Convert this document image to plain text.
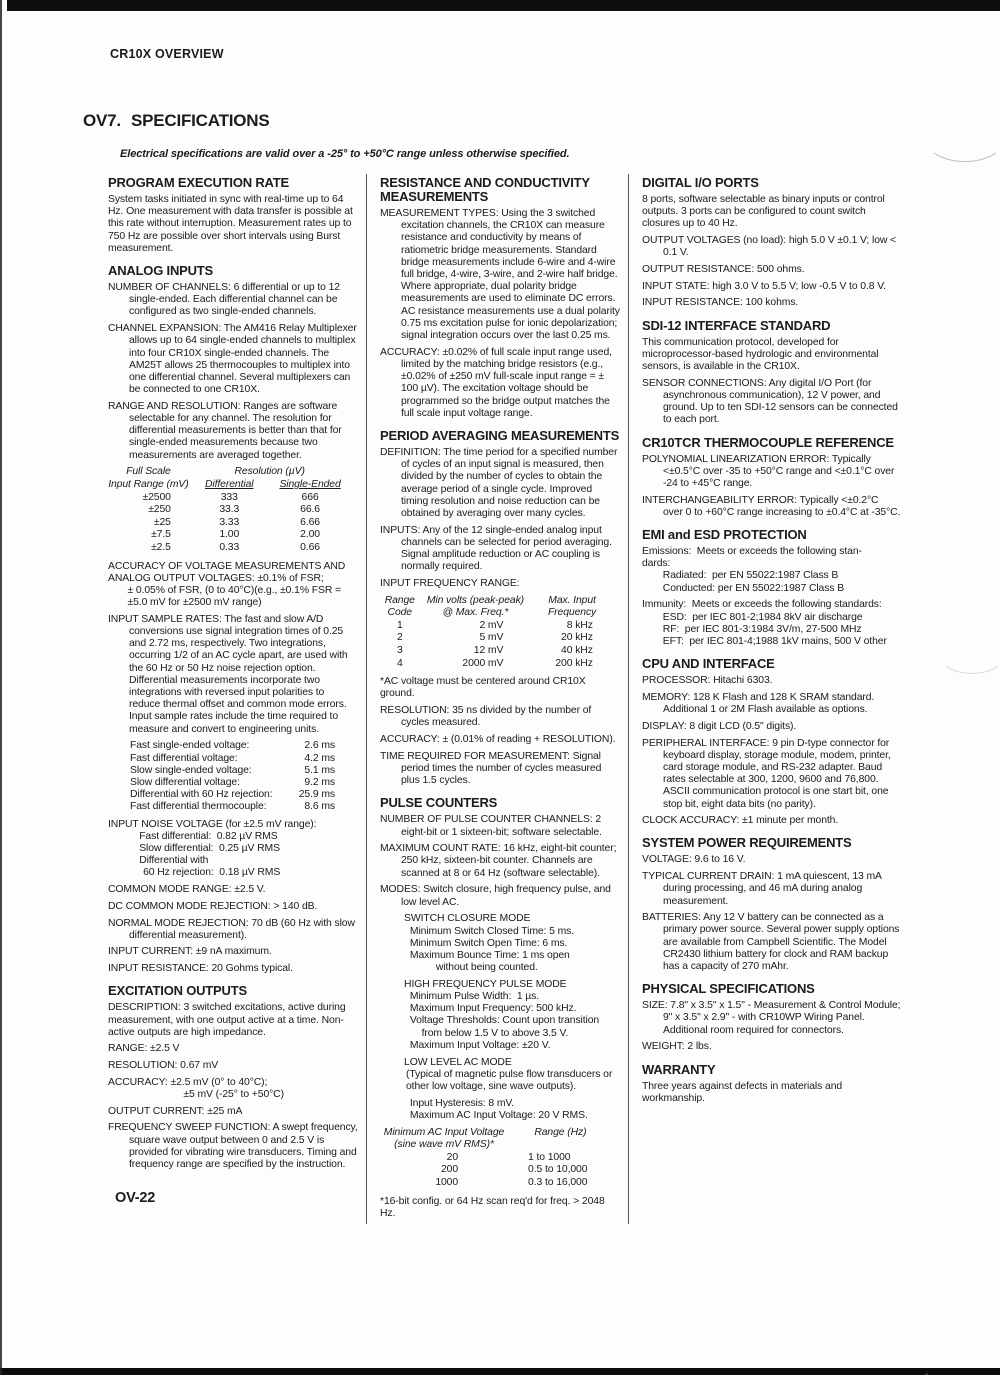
CR10X OVERVIEW
OV7. SPECIFICATIONS
Electrical specifications are valid over a -25° to +50°C range unless otherwise specified.
PROGRAM EXECUTION RATE

System tasks initiated in sync with real-time up to 64 Hz. One measurement with data transfer is possible at this rate without interruption. Measurement rates up to 750 Hz are possible over short intervals using Burst measurement.

ANALOG INPUTS

NUMBER OF CHANNELS: 6 differential or up to 12 single-ended. Each differential channel can be configured as two single-ended channels.

CHANNEL EXPANSION: The AM416 Relay Multiplexer allows up to 64 single-ended channels to multiplex into four CR10X single-ended channels. The AM25T allows 25 thermocouples to multiplex into one differential channel. Several multiplexers can be connected to one CR10X.

RANGE AND RESOLUTION: Ranges are software selectable for any channel. The resolution for differential measurements is better than that for single-ended measurements because two measurements are averaged together.

Full Scale	Resolution (µV)	
Input Range (mV)	Differential	Single-Ended
±2500	333	666
±250	33.3	66.6
±25	3.33	6.66
±7.5	1.00	2.00
±2.5	0.33	0.66
ACCURACY OF VOLTAGE MEASUREMENTS AND
ANALOG OUTPUT VOLTAGES: ±0.1% of FSR;
± 0.05% of FSR, (0 to 40°C)(e.g., ±0.1% FSR =
±5.0 mV for ±2500 mV range)

INPUT SAMPLE RATES: The fast and slow A/D conversions use signal integration times of 0.25 and 2.72 ms, respectively. Two integrations, occurring 1/2 of an AC cycle apart, are used with the 60 Hz or 50 Hz noise rejection option. Differential measurements incorporate two integrations with reversed input polarities to reduce thermal offset and common mode errors. Input sample rates include the time required to measure and convert to engineering units.

Fast single-ended voltage:	2.6 ms
Fast differential voltage:	4.2 ms
Slow single-ended voltage:	5.1 ms
Slow differential voltage:	9.2 ms
Differential with 60 Hz rejection:	25.9 ms
Fast differential thermocouple:	8.6 ms
INPUT NOISE VOLTAGE (for ±2.5 mV range):
Fast differential:  0.82 µV RMS
Slow differential:  0.25 µV RMS
Differential with
60 Hz rejection:  0.18 µV RMS

COMMON MODE RANGE: ±2.5 V.

DC COMMON MODE REJECTION: > 140 dB.

NORMAL MODE REJECTION: 70 dB (60 Hz with slow differential measurement).

INPUT CURRENT: ±9 nA maximum.

INPUT RESISTANCE: 20 Gohms typical.

EXCITATION OUTPUTS

DESCRIPTION: 3 switched excitations, active during measurement, with one output active at a time. Non-active outputs are high impedance.

RANGE: ±2.5 V

RESOLUTION: 0.67 mV

ACCURACY: ±2.5 mV (0° to 40°C);
±5 mV (-25° to +50°C)

OUTPUT CURRENT: ±25 mA

FREQUENCY SWEEP FUNCTION: A swept frequency, square wave output between 0 and 2.5 V is provided for vibrating wire transducers. Timing and frequency range are specified by the instruction.

RESISTANCE AND CONDUCTIVITY MEASUREMENTS

MEASUREMENT TYPES: Using the 3 switched excitation channels, the CR10X can measure resistance and conductivity by means of ratiometric bridge measurements. Standard bridge measurements include 6-wire and 4-wire full bridge, 4-wire, 3-wire, and 2-wire half bridge. Where appropriate, dual polarity bridge measurements are used to eliminate DC errors. AC resistance measurements use a dual polarity 0.75 ms excitation pulse for ionic depolarization; signal integration occurs over the last 0.25 ms.

ACCURACY: ±0.02% of full scale input range used, limited by the matching bridge resistors (e.g., ±0.02% of ±250 mV full-scale input range = ± 100 µV). The excitation voltage should be programmed so the bridge output matches the full scale input voltage range.

PERIOD AVERAGING MEASUREMENTS

DEFINITION: The time period for a specified number of cycles of an input signal is measured, then divided by the number of cycles to obtain the average period of a single cycle. Improved timing resolution and noise reduction can be obtained by averaging over many cycles.

INPUTS: Any of the 12 single-ended analog input channels can be selected for period averaging. Signal amplitude reduction or AC coupling is normally required.

INPUT FREQUENCY RANGE:

Range	Min volts (peak-peak)	Max. Input
Code	@ Max. Freq.*	Frequency
1	2 mV	8 kHz
2	5 mV	20 kHz
3	12 mV	40 kHz
4	2000 mV	200 kHz

*AC voltage must be centered around CR10X ground.

RESOLUTION: 35 ns divided by the number of cycles measured.

ACCURACY: ± (0.01% of reading + RESOLUTION).

TIME REQUIRED FOR MEASUREMENT: Signal period times the number of cycles measured plus 1.5 cycles.

PULSE COUNTERS

NUMBER OF PULSE COUNTER CHANNELS: 2 eight-bit or 1 sixteen-bit; software selectable.

MAXIMUM COUNT RATE: 16 kHz, eight-bit counter; 250 kHz, sixteen-bit counter. Channels are scanned at 8 or 64 Hz (software selectable).

MODES: Switch closure, high frequency pulse, and low level AC.

SWITCH CLOSURE MODE
Minimum Switch Closed Time: 5 ms.
Minimum Switch Open Time: 6 ms.
Maximum Bounce Time: 1 ms open
without being counted.
HIGH FREQUENCY PULSE MODE
Minimum Pulse Width:  1 µs.
Maximum Input Frequency: 500 kHz.
Voltage Thresholds: Count upon transition
from below 1.5 V to above 3.5 V.
Maximum Input Voltage: ±20 V.
LOW LEVEL AC MODE
(Typical of magnetic pulse flow transducers or
other low voltage, sine wave outputs).
Input Hysteresis: 8 mV.
Maximum AC Input Voltage: 20 V RMS.
Minimum AC Input Voltage	Range (Hz)
(sine wave mV RMS)*	
20	1 to 1000
200	0.5 to 10,000
1000	0.3 to 16,000

*16-bit config. or 64 Hz scan req'd for freq. > 2048 Hz.

DIGITAL I/O PORTS

8 ports, software selectable as binary inputs or control outputs. 3 ports can be configured to count switch closures up to 40 Hz.

OUTPUT VOLTAGES (no load): high 5.0 V ±0.1 V; low < 0.1 V.

OUTPUT RESISTANCE: 500 ohms.

INPUT STATE: high 3.0 V to 5.5 V; low -0.5 V to 0.8 V.

INPUT RESISTANCE: 100 kohms.

SDI-12 INTERFACE STANDARD

This communication protocol, developed for microprocessor-based hydrologic and environmental sensors, is available in the CR10X.

SENSOR CONNECTIONS: Any digital I/O Port (for asynchronous communication), 12 V power, and ground. Up to ten SDI-12 sensors can be connected to each port.

CR10TCR THERMOCOUPLE REFERENCE

POLYNOMIAL LINEARIZATION ERROR: Typically <±0.5°C over -35 to +50°C range and <±0.1°C over -24 to +45°C range.

INTERCHANGEABILITY ERROR: Typically <±0.2°C over 0 to +60°C range increasing to ±0.4°C at -35°C.

EMI and ESD PROTECTION
Emissions:  Meets or exceeds the following stan-
dards:
Radiated:  per EN 55022:1987 Class B
Conducted: per EN 55022:1987 Class B
Immunity:  Meets or exceeds the following standards:
ESD:  per IEC 801-2;1984 8kV air discharge
RF:  per IEC 801-3:1984 3V/m, 27-500 MHz
EFT:  per IEC 801-4;1988 1kV mains, 500 V other
CPU AND INTERFACE

PROCESSOR: Hitachi 6303.

MEMORY: 128 K Flash and 128 K SRAM standard. Additional 1 or 2M Flash available as options.

DISPLAY: 8 digit LCD (0.5" digits).

PERIPHERAL INTERFACE: 9 pin D-type connector for keyboard display, storage module, modem, printer, card storage module, and RS-232 adapter. Baud rates selectable at 300, 1200, 9600 and 76,800. ASCII communication protocol is one start bit, one stop bit, eight data bits (no parity).

CLOCK ACCURACY: ±1 minute per month.

SYSTEM POWER REQUIREMENTS

VOLTAGE: 9.6 to 16 V.

TYPICAL CURRENT DRAIN: 1 mA quiescent, 13 mA during processing, and 46 mA during analog measurement.

BATTERIES: Any 12 V battery can be connected as a primary power source. Several power supply options are available from Campbell Scientific. The Model CR2430 lithium battery for clock and RAM backup has a capacity of 270 mAhr.

PHYSICAL SPECIFICATIONS

SIZE: 7.8" x 3.5" x 1.5" - Measurement & Control Module; 9" x 3.5" x 2.9" - with CR10WP Wiring Panel. Additional room required for connectors.

WEIGHT: 2 lbs.

WARRANTY

Three years against defects in materials and workmanship.

OV-22
